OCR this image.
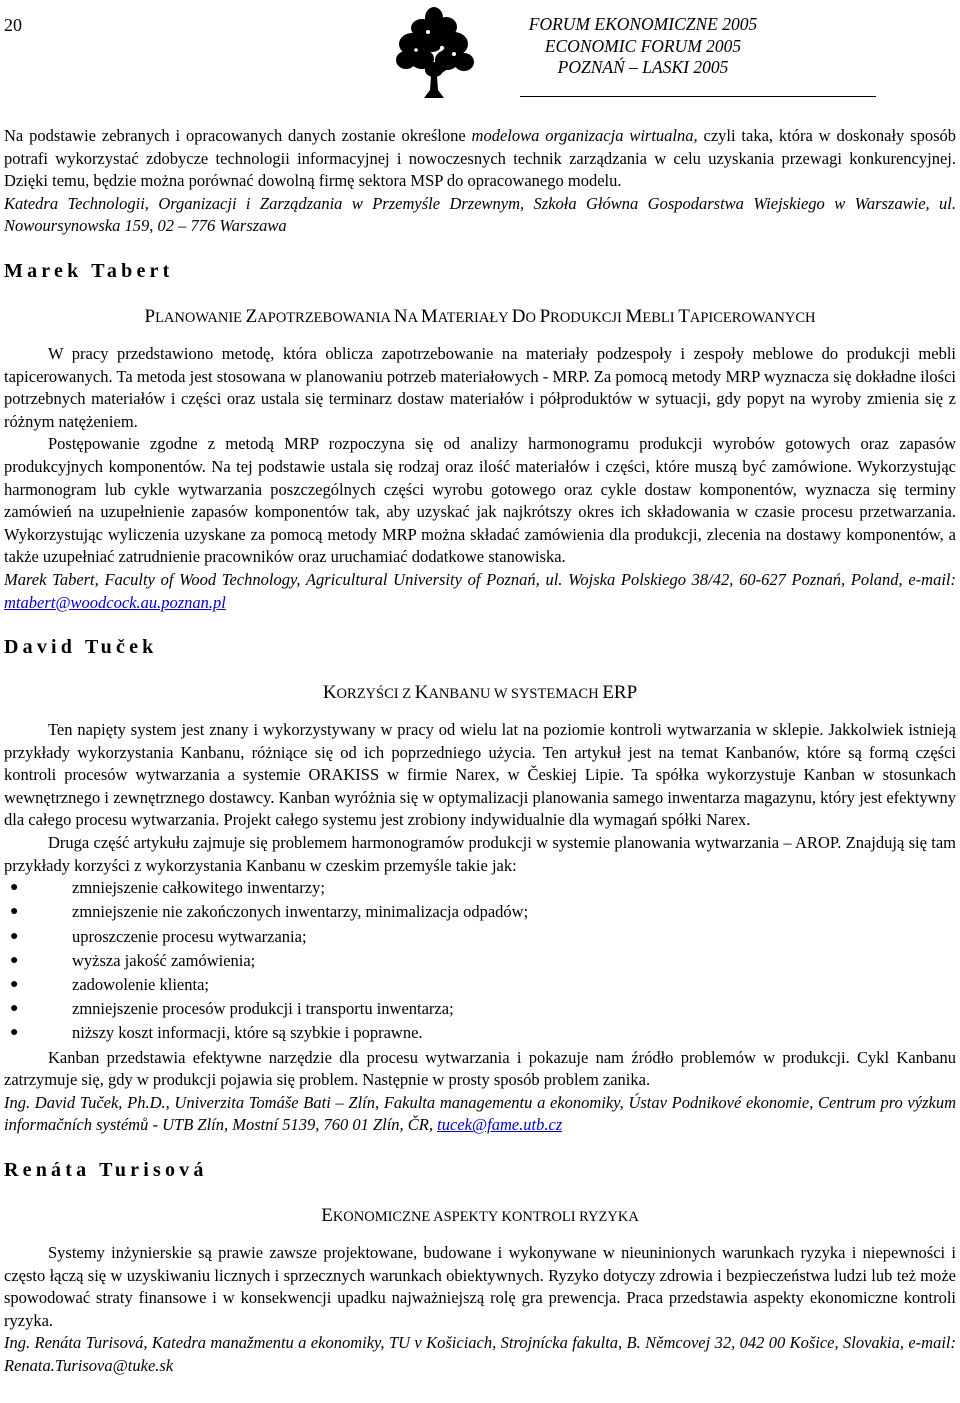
20	FORUM EKONOMICZNE 2005
ECONOMIC FORUM 2005
POZNAŃ – LASKI 2005

Na podstawie zebranych i opracowanych danych zostanie określone modelowa organizacja wirtualna, czyli taka, która w doskonały sposób potrafi wykorzystać zdobycze technologii informacyjnej i nowoczesnych technik zarządzania w celu uzyskania przewagi konkurencyjnej. Dzięki temu, będzie można porównać dowolną firmę sektora MSP do opracowanego modelu.

Katedra Technologii, Organizacji i Zarządzania w Przemyśle Drzewnym, Szkoła Główna Gospodarstwa Wiejskiego w Warszawie, ul. Nowoursynowska 159, 02 – 776 Warszawa

Marek Tabert
PLANOWANIE ZAPOTRZEBOWANIA NA MATERIAŁY DO PRODUKCJI MEBLI TAPICEROWANYCH

W pracy przedstawiono metodę, która oblicza zapotrzebowanie na materiały podzespoły i zespoły meblowe do produkcji mebli tapicerowanych. Ta metoda jest stosowana w planowaniu potrzeb materiałowych - MRP. Za pomocą metody MRP wyznacza się dokładne ilości potrzebnych materiałów i części oraz ustala się terminarz dostaw materiałów i półproduktów w sytuacji, gdy popyt na wyroby zmienia się z różnym natężeniem.

Postępowanie zgodne z metodą MRP rozpoczyna się od analizy harmonogramu produkcji wyrobów gotowych oraz zapasów produkcyjnych komponentów. Na tej podstawie ustala się rodzaj oraz ilość materiałów i części, które muszą być zamówione. Wykorzystując harmonogram lub cykle wytwarzania poszczególnych części wyrobu gotowego oraz cykle dostaw komponentów, wyznacza się terminy zamówień na uzupełnienie zapasów komponentów tak, aby uzyskać jak najkrótszy okres ich składowania w czasie procesu przetwarzania. Wykorzystując wyliczenia uzyskane za pomocą metody MRP można składać zamówienia dla produkcji, zlecenia na dostawy komponentów, a także uzupełniać zatrudnienie pracowników oraz uruchamiać dodatkowe stanowiska.

Marek Tabert, Faculty of Wood Technology, Agricultural University of Poznań, ul. Wojska Polskiego 38/42, 60-627 Poznań, Poland, e-mail: mtabert@woodcock.au.poznan.pl

David Tuček
KORZYŚCI Z KANBANU W SYSTEMACH ERP

Ten napięty system jest znany i wykorzystywany w pracy od wielu lat na poziomie kontroli wytwarzania w sklepie. Jakkolwiek istnieją przykłady wykorzystania Kanbanu, różniące się od ich poprzedniego użycia. Ten artykuł jest na temat Kanbanów, które są formą części kontroli procesów wytwarzania a systemie ORAKISS w firmie Narex, w Českiej Lipie. Ta spółka wykorzystuje Kanban w stosunkach wewnętrznego i zewnętrznego dostawcy. Kanban wyróżnia się w optymalizacji planowania samego inwentarza magazynu, który jest efektywny dla całego procesu wytwarzania. Projekt całego systemu jest zrobiony indywidualnie dla wymagań spółki Narex.

Druga część artykułu zajmuje się problemem harmonogramów produkcji w systemie planowania wytwarzania – AROP. Znajdują się tam przykłady korzyści z wykorzystania Kanbanu w czeskim przemyśle takie jak:

●	zmniejszenie całkowitego inwentarzy;
●	zmniejszenie nie zakończonych inwentarzy, minimalizacja odpadów;
●	uproszczenie procesu wytwarzania;
●	wyższa jakość zamówienia;
●	zadowolenie klienta;
●	zmniejszenie procesów produkcji i transportu inwentarza;
●	niższy koszt informacji, które są szybkie i poprawne.

Kanban przedstawia efektywne narzędzie dla procesu wytwarzania i pokazuje nam źródło problemów w produkcji. Cykl Kanbanu zatrzymuje się, gdy w produkcji pojawia się problem. Następnie w prosty sposób problem zanika.

Ing. David Tuček, Ph.D., Univerzita Tomáše Bati – Zlín, Fakulta managementu a ekonomiky, Ústav Podnikové ekonomie, Centrum pro výzkum informačních systémů - UTB Zlín, Mostní 5139, 760 01 Zlín, ČR, tucek@fame.utb.cz

Renáta Turisová
EKONOMICZNE ASPEKTY KONTROLI RYZYKA

Systemy inżynierskie są prawie zawsze projektowane, budowane i wykonywane w nieuninionych warunkach ryzyka i niepewności i często łączą się w uzyskiwaniu licznych i sprzecznych warunkach obiektywnych. Ryzyko dotyczy zdrowia i bezpieczeństwa ludzi lub też może spowodować straty finansowe i w konsekwencji upadku najważniejszą rolę gra prewencja. Praca przedstawia aspekty ekonomiczne kontroli ryzyka.

Ing. Renáta Turisová, Katedra manažmentu a ekonomiky, TU v Košiciach, Strojnícka fakulta, B. Němcovej 32, 042 00 Košice, Slovakia, e-mail: Renata.Turisova@tuke.sk
